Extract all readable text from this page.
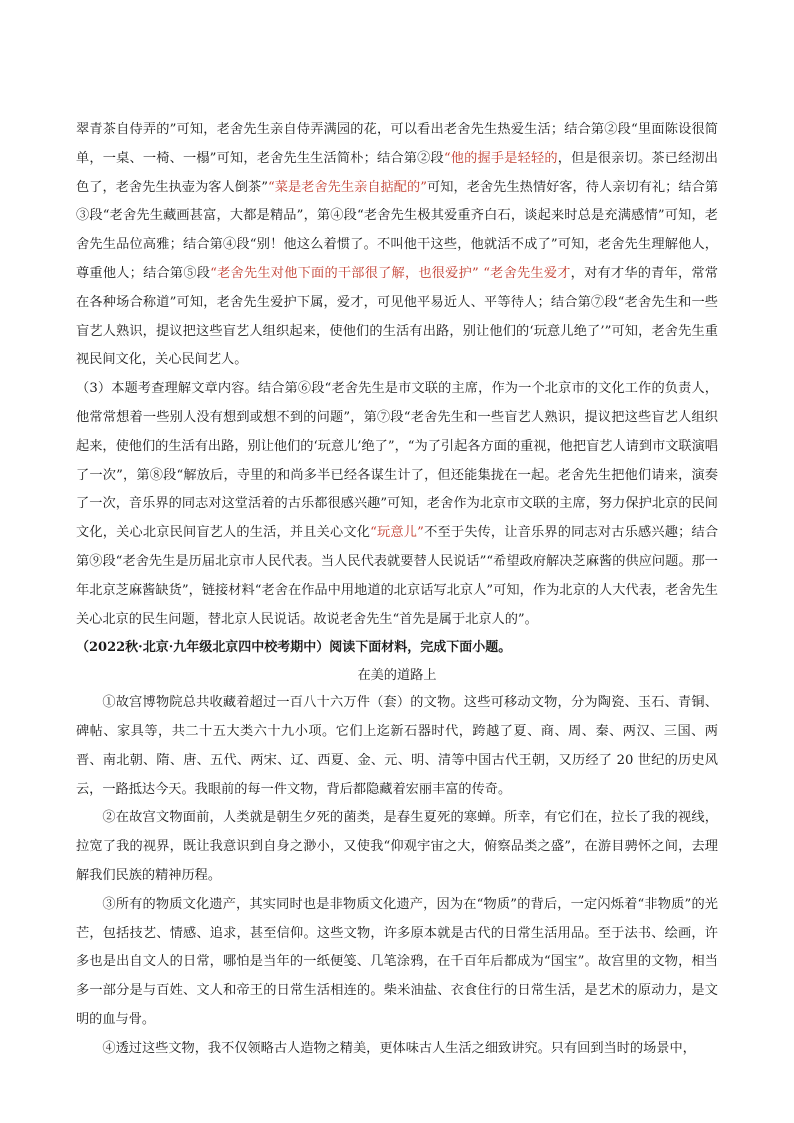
翠青茶自侍弄的”可知，老舍先生亲自侍弄满园的花，可以看出老舍先生热爱生活；结合第②段“里面陈设很简单，一桌、一椅、一榻”可知，老舍先生生活简朴；结合第②段“他的握手是轻轻的，但是很亲切。茶已经沏出色了，老舍先生执壶为客人倒茶”“菜是老舍先生亲自掂配的”可知，老舍先生热情好客，待人亲切有礼；结合第③段“老舍先生藏画甚富，大都是精品”，第④段“老舍先生极其爱重齐白石，谈起来时总是充满感情”可知，老舍先生品位高雅；结合第④段“别！他这么着惯了。不叫他干这些，他就活不成了”可知，老舍先生理解他人，尊重他人；结合第⑤段“老舍先生对他下面的干部很了解，也很爱护” “老舍先生爱才，对有才华的青年，常常在各种场合称道”可知，老舍先生爱护下属，爱才，可见他平易近人、平等待人；结合第⑦段“老舍先生和一些盲艺人熟识，提议把这些盲艺人组织起来，使他们的生活有出路，别让他们的‘玩意儿绝了’”可知，老舍先生重视民间文化，关心民间艺人。

（3）本题考查理解文章内容。结合第⑥段“老舍先生是市文联的主席，作为一个北京市的文化工作的负责人，他常常想着一些别人没有想到或想不到的问题”，第⑦段“老舍先生和一些盲艺人熟识，提议把这些盲艺人组织起来，使他们的生活有出路，别让他们的‘玩意儿’绝了”，“为了引起各方面的重视，他把盲艺人请到市文联演唱了一次”，第⑧段“解放后，寺里的和尚多半已经各谋生计了，但还能集拢在一起。老舍先生把他们请来，演奏了一次，音乐界的同志对这堂活着的古乐都很感兴趣”可知，老舍作为北京市文联的主席，努力保护北京的民间文化，关心北京民间盲艺人的生活，并且关心文化“玩意儿”不至于失传，让音乐界的同志对古乐感兴趣；结合第⑨段“老舍先生是历届北京市人民代表。当人民代表就要替人民说话”“希望政府解决芝麻酱的供应问题。那一年北京芝麻酱缺货”，链接材料“老舍在作品中用地道的北京话写北京人”可知，作为北京的人大代表，老舍先生关心北京的民生问题，替北京人民说话。故说老舍先生“首先是属于北京人的”。

（2022秋·北京·九年级北京四中校考期中）阅读下面材料，完成下面小题。

在美的道路上

①故宫博物院总共收藏着超过一百八十六万件（套）的文物。这些可移动文物，分为陶瓷、玉石、青铜、碑帖、家具等，共二十五大类六十九小项。它们上迄新石器时代，跨越了夏、商、周、秦、两汉、三国、两晋、南北朝、隋、唐、五代、两宋、辽、西夏、金、元、明、清等中国古代王朝，又历经了 20 世纪的历史风云，一路抵达今天。我眼前的每一件文物，背后都隐藏着宏丽丰富的传奇。

②在故宫文物面前，人类就是朝生夕死的菌类，是春生夏死的寒蝉。所幸，有它们在，拉长了我的视线，拉宽了我的视界，既让我意识到自身之渺小，又使我“仰观宇宙之大，俯察品类之盛”，在游目骋怀之间，去理解我们民族的精神历程。

③所有的物质文化遗产，其实同时也是非物质文化遗产，因为在“物质”的背后，一定闪烁着“非物质”的光芒，包括技艺、情感、追求，甚至信仰。这些文物，许多原本就是古代的日常生活用品。至于法书、绘画，许多也是出自文人的日常，哪怕是当年的一纸便笺、几笔涂鸦，在千百年后都成为“国宝”。故宫里的文物，相当多一部分是与百姓、文人和帝王的日常生活相连的。柴米油盐、衣食住行的日常生活，是艺术的原动力，是文明的血与骨。

④透过这些文物，我不仅领略古人造物之精美，更体味古人生活之细致讲究。只有回到当时的场景中，
